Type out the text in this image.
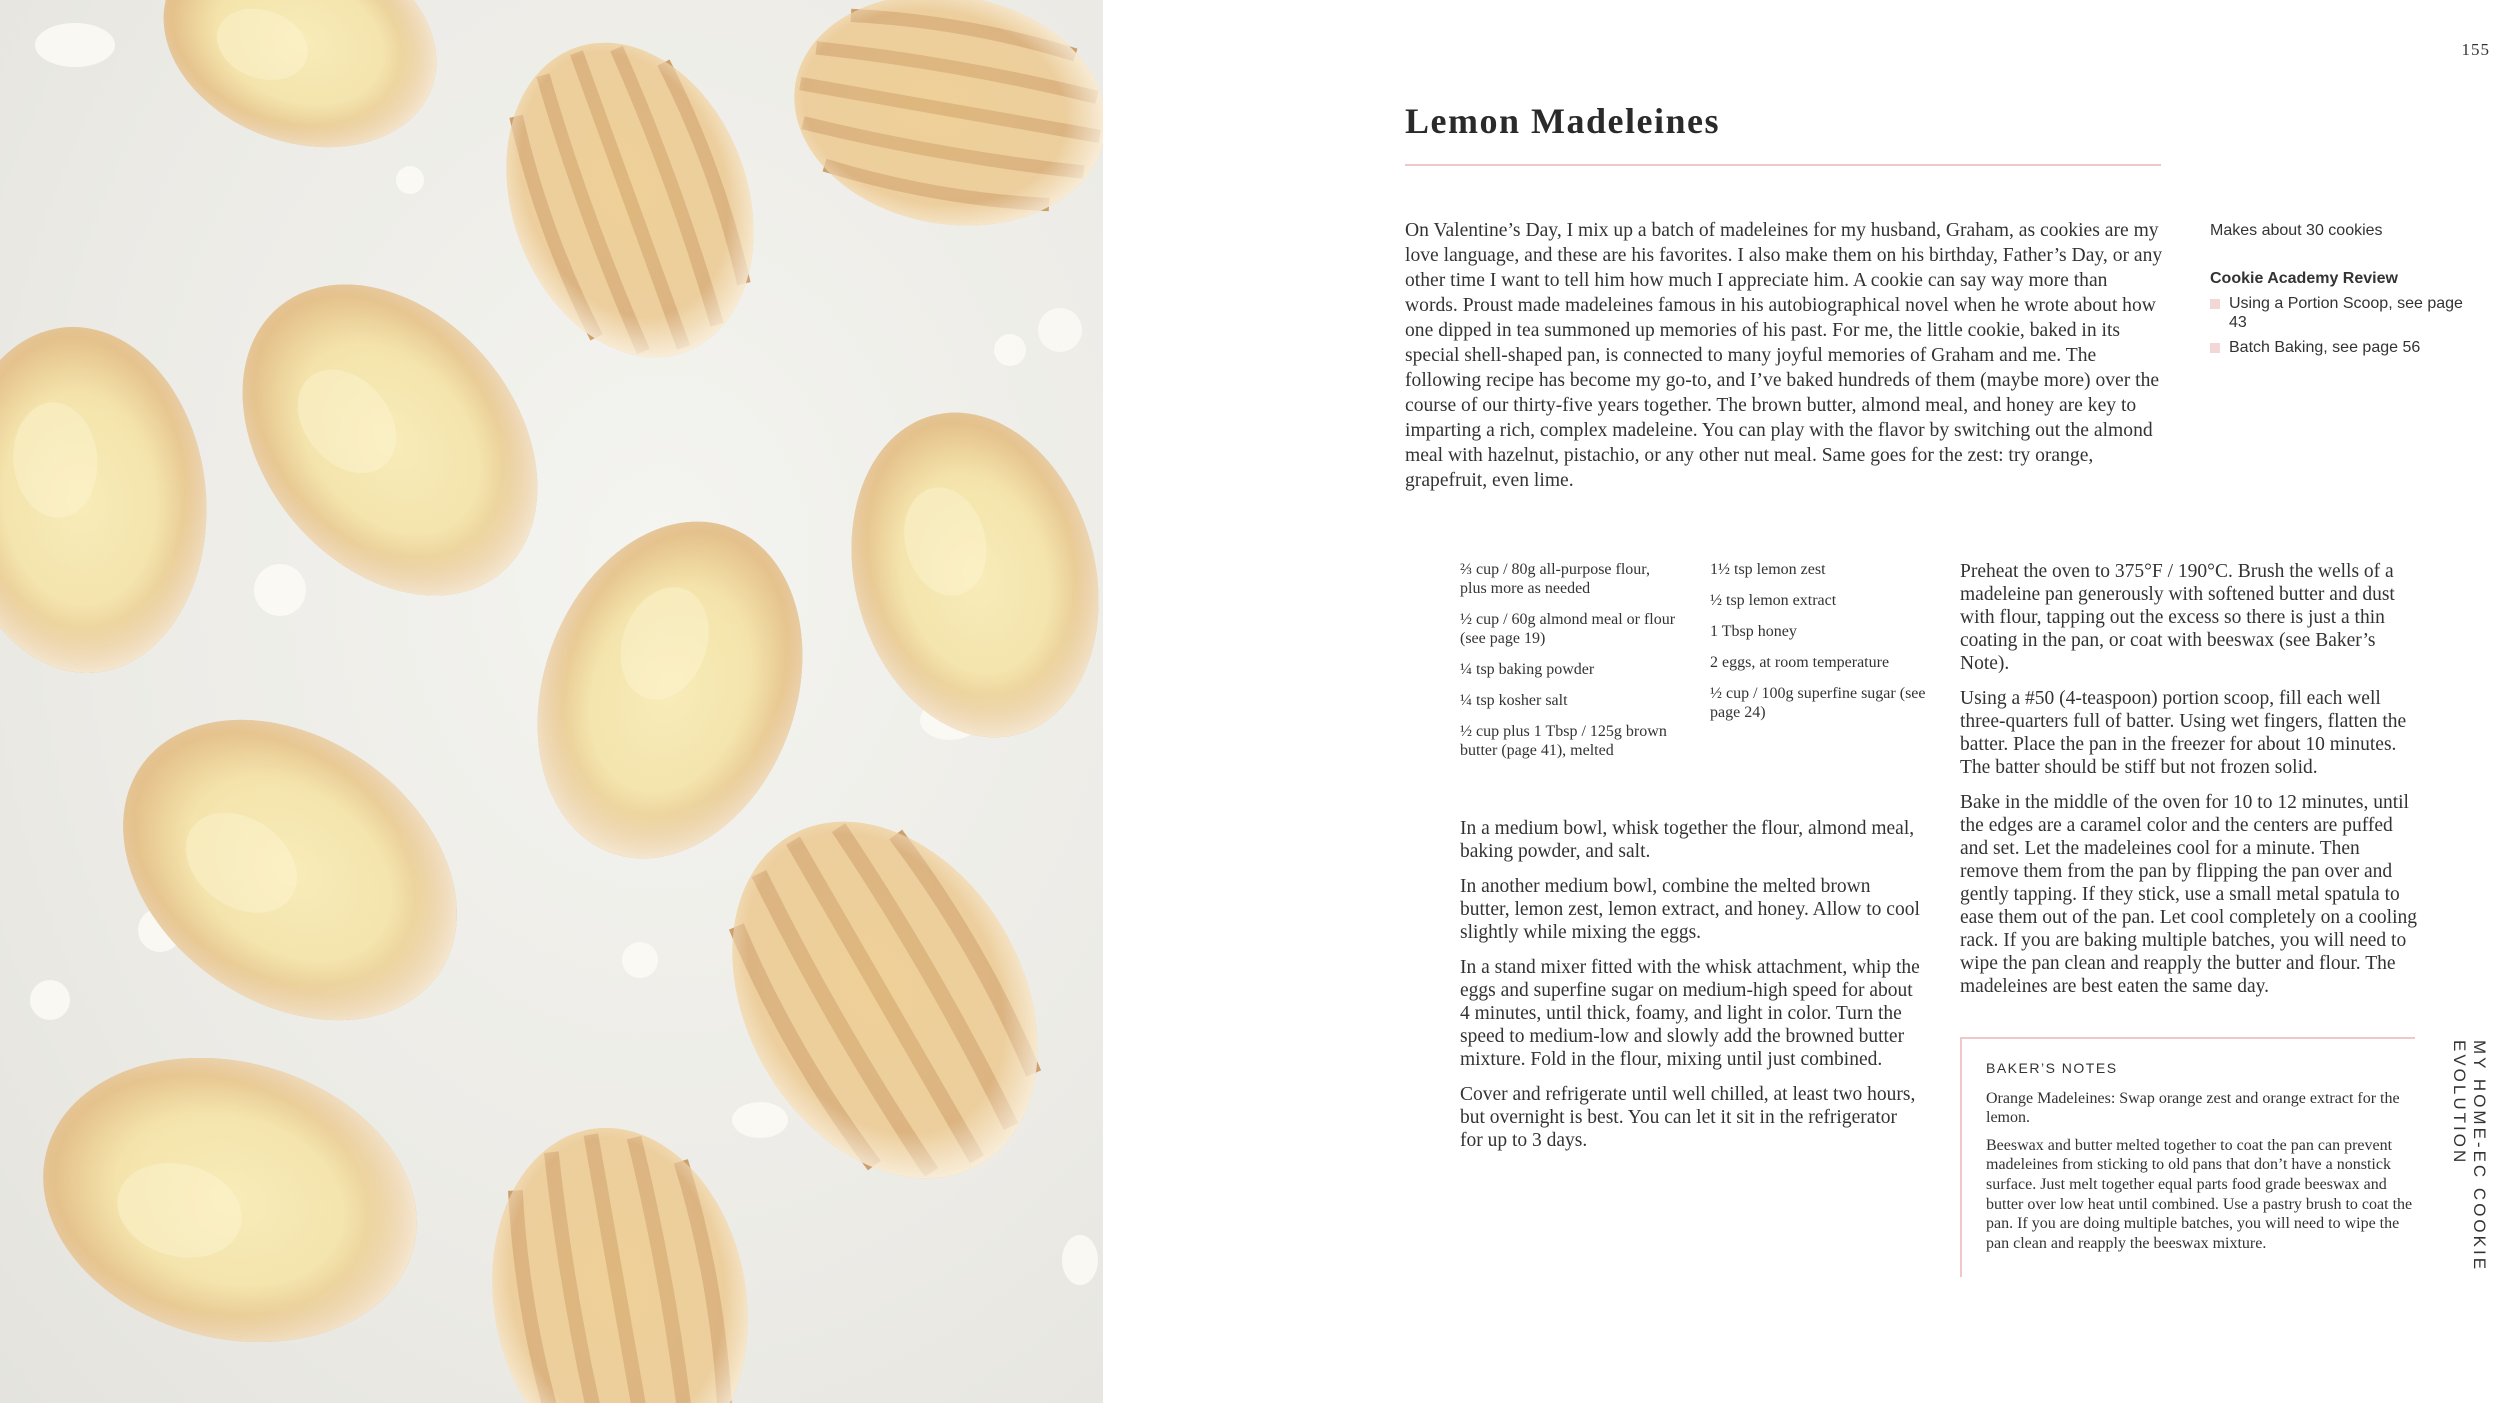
155
Lemon Madeleines

On Valentine’s Day, I mix up a batch of madeleines for my husband, Graham, as cookies are my love language, and these are his favorites. I also make them on his birthday, Father’s Day, or any other time I want to tell him how much I appreciate him. A cookie can say way more than words. Proust made madeleines famous in his autobiographical novel when he wrote about how one dipped in tea summoned up memories of his past. For me, the little cookie, baked in its special shell-shaped pan, is connected to many joyful memories of Graham and me. The following recipe has become my go-to, and I’ve baked hundreds of them (maybe more) over the course of our thirty-five years together. The brown butter, almond meal, and honey are key to imparting a rich, complex madeleine. You can play with the flavor by switching out the almond meal with hazelnut, pistachio, or any other nut meal. Same goes for the zest: try orange, grapefruit, even lime.

Makes about 30 cookies

Cookie Academy Review

Using a Portion Scoop, see page 43
Batch Baking, see page 56

⅔ cup / 80g all-purpose flour, plus more as needed

½ cup / 60g almond meal or flour (see page 19)

¼ tsp baking powder

¼ tsp kosher salt

½ cup plus 1 Tbsp / 125g brown butter (page 41), melted

1½ tsp lemon zest

½ tsp lemon extract

1 Tbsp honey

2 eggs, at room temperature

½ cup / 100g superfine sugar (see page 24)

In a medium bowl, whisk together the flour, almond meal, baking powder, and salt.

In another medium bowl, combine the melted brown butter, lemon zest, lemon extract, and honey. Allow to cool slightly while mixing the eggs.

In a stand mixer fitted with the whisk attachment, whip the eggs and superfine sugar on medium-high speed for about 4 minutes, until thick, foamy, and light in color. Turn the speed to medium-low and slowly add the browned butter mixture. Fold in the flour, mixing until just combined.

Cover and refrigerate until well chilled, at least two hours, but overnight is best. You can let it sit in the refrigerator for up to 3 days.

Preheat the oven to 375°F / 190°C. Brush the wells of a madeleine pan generously with softened butter and dust with flour, tapping out the excess so there is just a thin coating in the pan, or coat with beeswax (see Baker’s Note).

Using a #50 (4-teaspoon) portion scoop, fill each well three-quarters full of batter. Using wet fingers, flatten the batter. Place the pan in the freezer for about 10 minutes. The batter should be stiff but not frozen solid.

Bake in the middle of the oven for 10 to 12 minutes, until the edges are a caramel color and the centers are puffed and set. Let the madeleines cool for a minute. Then remove them from the pan by flipping the pan over and gently tapping. If they stick, use a small metal spatula to ease them out of the pan. Let cool completely on a cooling rack. If you are baking multiple batches, you will need to wipe the pan clean and reapply the butter and flour. The madeleines are best eaten the same day.

BAKER’S NOTES

Orange Madeleines: Swap orange zest and orange extract for the lemon.

Beeswax and butter melted together to coat the pan can prevent madeleines from sticking to old pans that don’t have a nonstick surface. Just melt together equal parts food grade beeswax and butter over low heat until combined. Use a pastry brush to coat the pan. If you are doing multiple batches, you will need to wipe the pan clean and reapply the beeswax mixture.	MY HOME-EC COOKIE EVOLUTION
